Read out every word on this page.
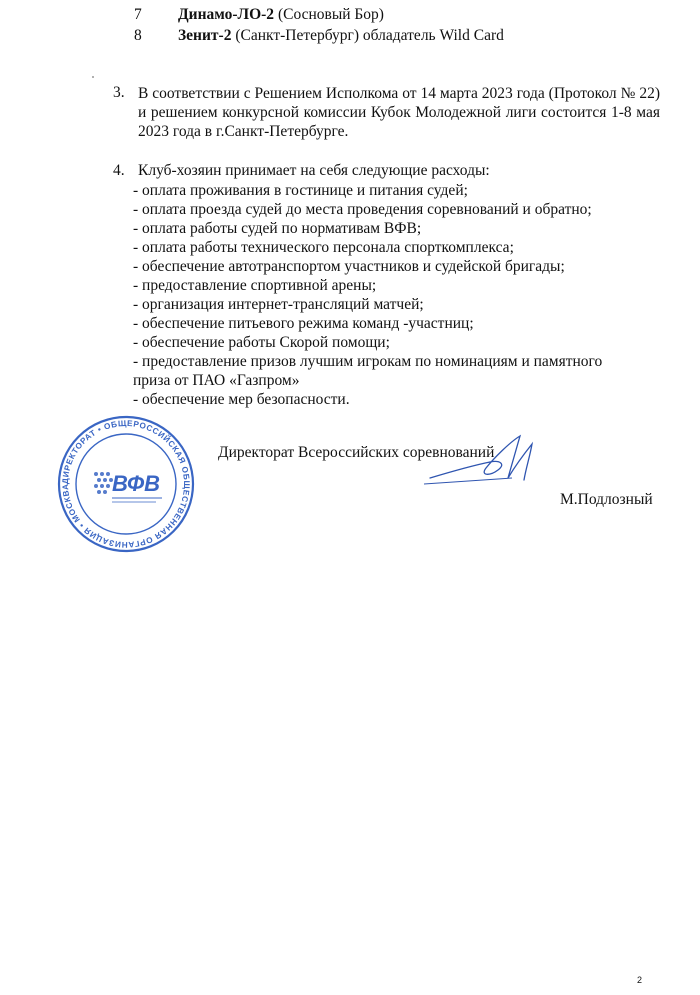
7 Динамо-ЛО-2 (Сосновый Бор)
8 Зенит-2 (Санкт-Петербург) обладатель Wild Card
3. В соответствии с Решением Исполкома от 14 марта 2023 года (Протокол № 22) и решением конкурсной комиссии Кубок Молодежной лиги состоится 1-8 мая 2023 года в г.Санкт-Петербурге.
4. Клуб-хозяин принимает на себя следующие расходы:
- оплата проживания в гостинице и питания судей;
- оплата проезда судей до места проведения соревнований и обратно;
- оплата работы судей по нормативам ВФВ;
- оплата работы технического персонала спорткомплекса;
- обеспечение автотранспортом участников и судейской бригады;
- предоставление спортивной арены;
- организация интернет-трансляций матчей;
- обеспечение питьевого режима команд -участниц;
- обеспечение работы Скорой помощи;
- предоставление призов лучшим игрокам по номинациям и памятного
приза от ПАО «Газпром»
- обеспечение мер безопасности.
ДИРЕКТОРАТ • ОБЩЕРОССИЙСКАЯ ОБЩЕСТВЕННАЯ ОРГАНИЗАЦИЯ • МОСКВА	ВФВ
Директорат Всероссийских соревнований
М.Подлозный
2
